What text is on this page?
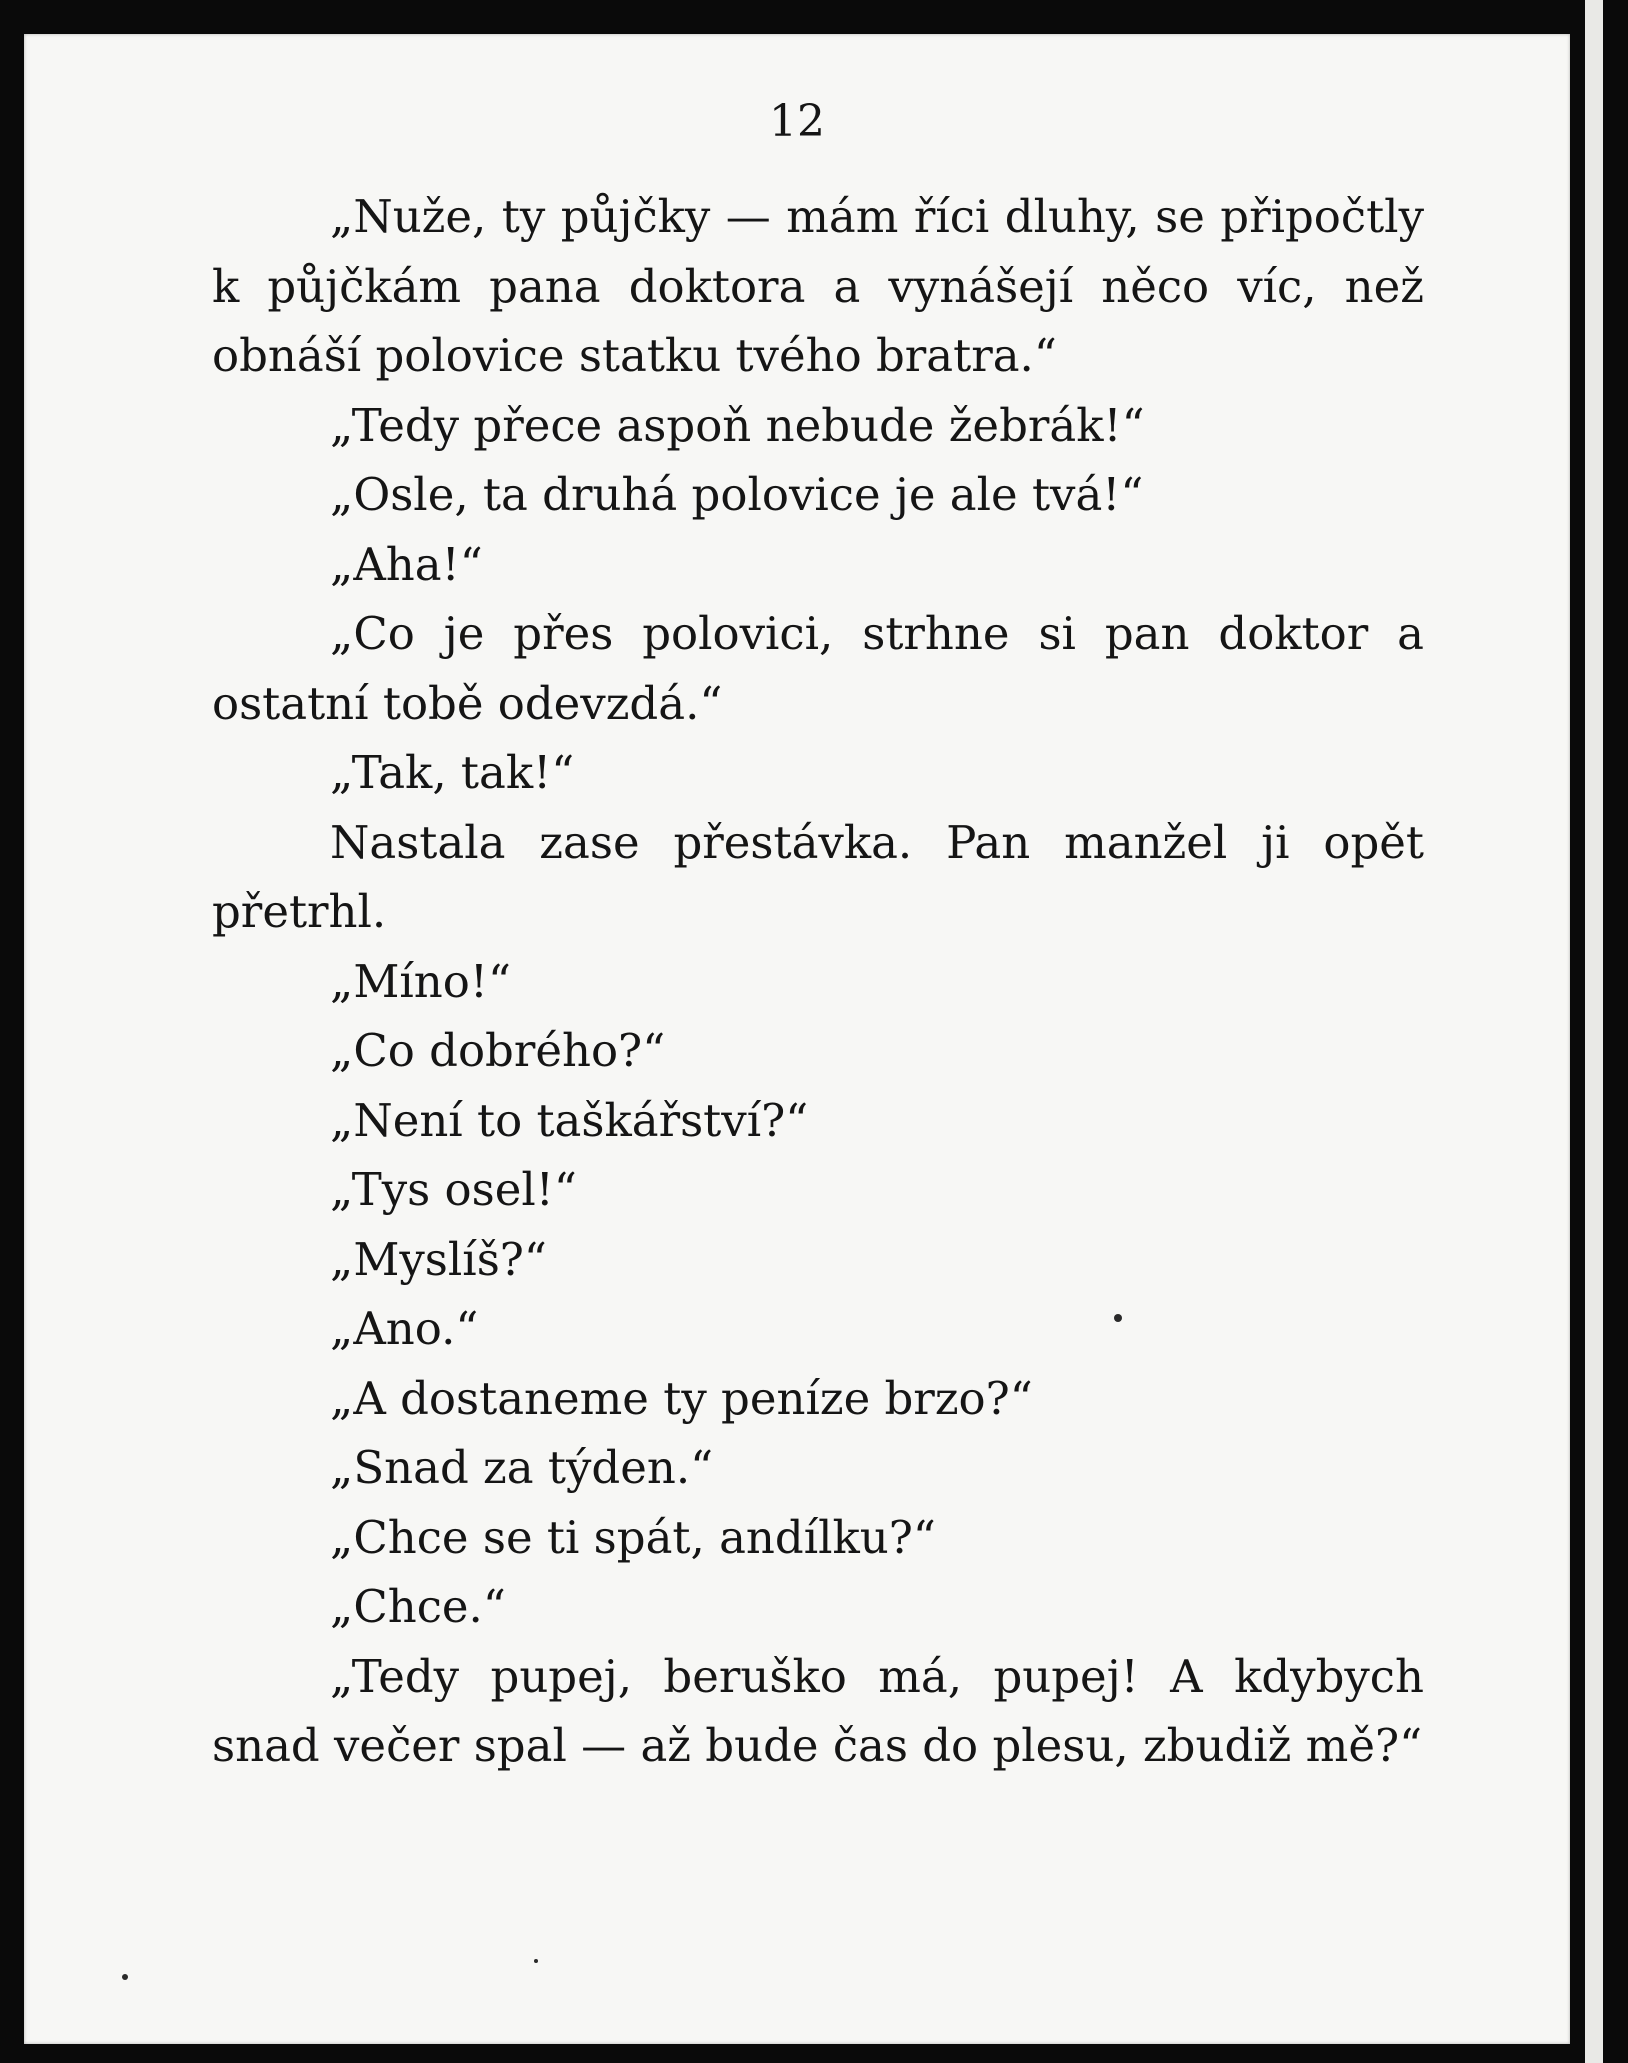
12

„Nuže, ty půjčky — mám říci dluhy, se připočtly k půjčkám pana doktora a vynášejí něco víc, než obnáší polovice statku tvého bratra.“

„Tedy přece aspoň nebude žebrák!“

„Osle, ta druhá polovice je ale tvá!“

„Aha!“

„Co je přes polovici, strhne si pan doktor a ostatní tobě odevzdá.“

„Tak, tak!“

Nastala zase přestávka. Pan manžel ji opět přetrhl.

„Míno!“

„Co dobrého?“

„Není to taškářství?“

„Tys osel!“

„Myslíš?“

„Ano.“

„A dostaneme ty peníze brzo?“

„Snad za týden.“

„Chce se ti spát, andílku?“

„Chce.“

„Tedy pupej, beruško má, pupej! A kdybych snad večer spal — až bude čas do plesu, zbudiž mě?“
